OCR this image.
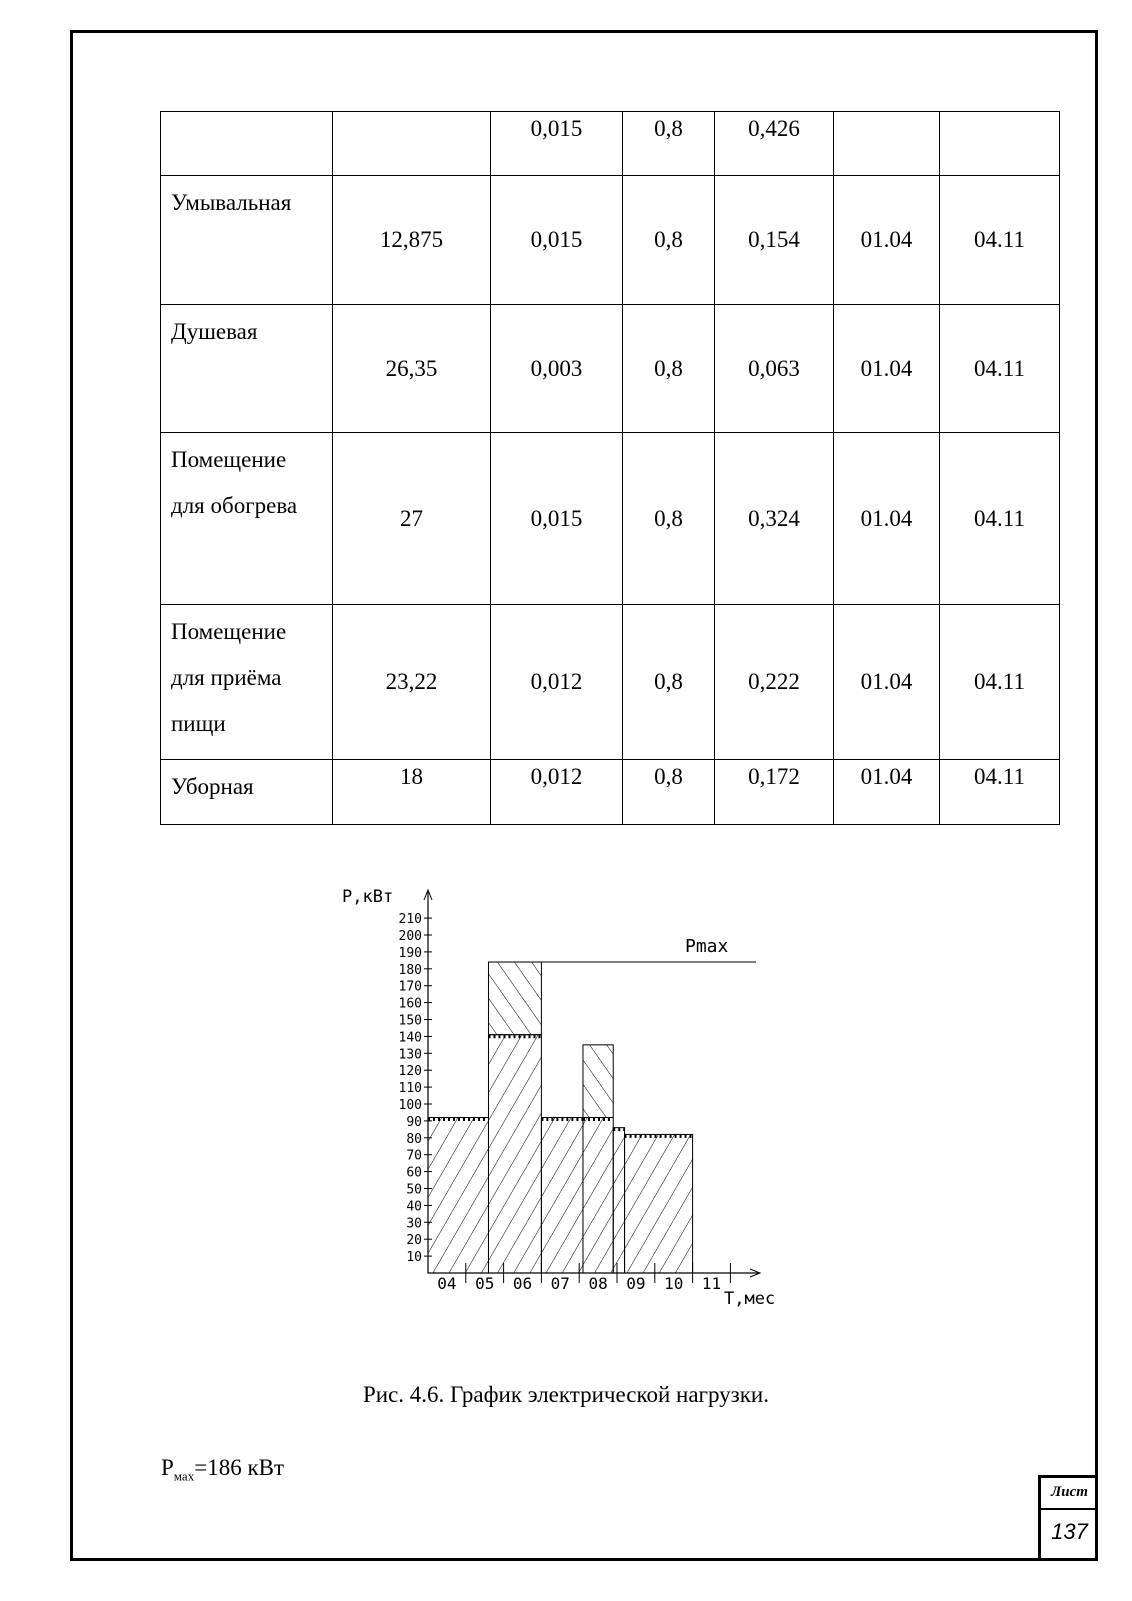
		0,015	0,8	0,426		
Умывальная	12,875	0,015	0,8	0,154	01.04	04.11
Душевая	26,35	0,003	0,8	0,063	01.04	04.11
Помещение для обогрева	27	0,015	0,8	0,324	01.04	04.11
Помещение для приёма пищи	23,22	0,012	0,8	0,222	01.04	04.11
Уборная	18	0,012	0,8	0,172	01.04	04.11
P,кВт
T,мес
10
20
30
40
50
60
70
80
90
100
110
120
130
140
150
160
170
180
190
200
210
04 05 06 07 08 09 10 11
Pmax
Рис. 4.6. График электрической нагрузки.
$P_{мах}=186$ кВт
Лист
137
